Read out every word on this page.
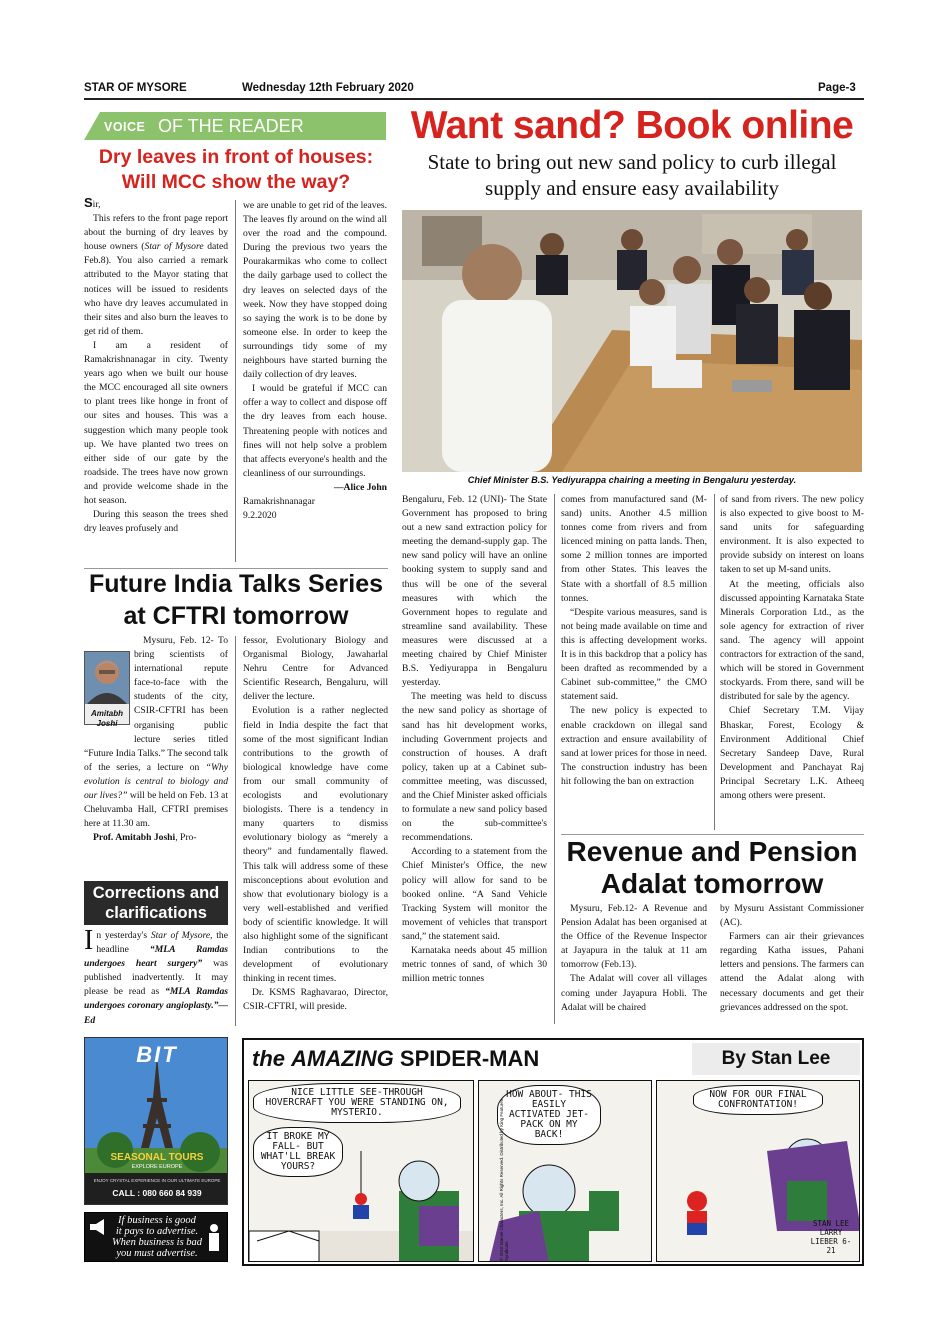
STAR OF MYSORE	Wednesday 12th February 2020	Page-3
VOICE OF THE READER
Dry leaves in front of houses:
Will MCC show the way?

Sir,

This refers to the front page report about the burning of dry leaves by house owners (Star of Mysore dated Feb.8). You also carried a remark attributed to the Mayor stating that notices will be issued to residents who have dry leaves accumulated in their sites and also burn the leaves to get rid of them.

I am a resident of Ramakrishnanagar in city. Twenty years ago when we built our house the MCC encouraged all site owners to plant trees like honge in front of our sites and houses. This was a suggestion which many people took up. We have planted two trees on either side of our gate by the roadside. The trees have now grown and provide welcome shade in the hot season.

During this season the trees shed dry leaves profusely and

we are unable to get rid of the leaves. The leaves fly around on the wind all over the road and the compound. During the previous two years the Pourakarmikas who come to collect the daily garbage used to collect the dry leaves on selected days of the week. Now they have stopped doing so saying the work is to be done by someone else. In order to keep the surroundings tidy some of my neighbours have started burning the daily collection of dry leaves.

I would be grateful if MCC can offer a way to collect and dispose off the dry leaves from each house. Threatening people with notices and fines will not help solve a problem that affects everyone's health and the cleanliness of our surroundings.

—Alice John

Ramakrishnanagar

9.2.2020

Want sand? Book online
State to bring out new sand policy to curb illegal
supply and ensure easy availability
Chief Minister B.S. Yediyurappa chairing a meeting in Bengaluru yesterday.

Bengaluru, Feb. 12 (UNI)- The State Government has proposed to bring out a new sand extraction policy for meeting the demand-supply gap. The new sand policy will have an online booking system to supply sand and thus will be one of the several measures with which the Government hopes to regulate and streamline sand availability. These measures were discussed at a meeting chaired by Chief Minister B.S. Yediyurappa in Bengaluru yesterday.

The meeting was held to discuss the new sand policy as shortage of sand has hit development works, including Government projects and construction of houses. A draft policy, taken up at a Cabinet sub-committee meeting, was discussed, and the Chief Minister asked officials to formulate a new sand policy based on the sub-committee's recommendations.

According to a statement from the Chief Minister's Office, the new policy will allow for sand to be booked online. “A Sand Vehicle Tracking System will monitor the movement of vehicles that transport sand,” the statement said.

Karnataka needs about 45 million metric tonnes of sand, of which 30 million metric tonnes

comes from manufactured sand (M-sand) units. Another 4.5 million tonnes come from rivers and from licenced mining on patta lands. Then, some 2 million tonnes are imported from other States. This leaves the State with a shortfall of 8.5 million tonnes.

“Despite various measures, sand is not being made available on time and this is affecting development works. It is in this backdrop that a policy has been drafted as recommended by a Cabinet sub-committee,” the CMO statement said.

The new policy is expected to enable crackdown on illegal sand extraction and ensure availability of sand at lower prices for those in need. The construction industry has been hit following the ban on extraction

of sand from rivers. The new policy is also expected to give boost to M-sand units for safeguarding environment. It is also expected to provide subsidy on interest on loans taken to set up M-sand units.

At the meeting, officials also discussed appointing Karnataka State Minerals Corporation Ltd., as the sole agency for extraction of river sand. The agency will appoint contractors for extraction of the sand, which will be stored in Government stockyards. From there, sand will be distributed for sale by the agency.

Chief Secretary T.M. Vijay Bhaskar, Forest, Ecology & Environment Additional Chief Secretary Sandeep Dave, Rural Development and Panchayat Raj Principal Secretary L.K. Atheeq among others were present.

Revenue and Pension
Adalat tomorrow

Mysuru, Feb.12- A Revenue and Pension Adalat has been organised at the Office of the Revenue Inspector at Jayapura in the taluk at 11 am tomorrow (Feb.13).

The Adalat will cover all villages coming under Jayapura Hobli. The Adalat will be chaired

by Mysuru Assistant Commissioner (AC).

Farmers can air their grievances regarding Katha issues, Pahani letters and pensions. The farmers can attend the Adalat along with necessary documents and get their grievances addressed on the spot.

Future India Talks Series
at CFTRI tomorrow
Amitabh
Joshi

Mysuru, Feb. 12- To bring scientists of international repute face-to-face with the students of the city, CSIR-CFTRI has been organising public lecture series titled “Future India Talks.” The second talk of the series, a lecture on “Why evolution is central to biology and our lives?” will be held on Feb. 13 at Cheluvamba Hall, CFTRI premises here at 11.30 am.

Prof. Amitabh Joshi, Pro-

fessor, Evolutionary Biology and Organismal Biology, Jawaharlal Nehru Centre for Advanced Scientific Research, Bengaluru, will deliver the lecture.

Evolution is a rather neglected field in India despite the fact that some of the most significant Indian contributions to the growth of biological knowledge have come from our small community of ecologists and evolutionary biologists. There is a tendency in many quarters to dismiss evolutionary biology as “merely a theory” and fundamentally flawed. This talk will address some of these misconceptions about evolution and show that evolutionary biology is a very well-established and verified body of scientific knowledge. It will also highlight some of the significant Indian contributions to the development of evolutionary thinking in recent times.

Dr. KSMS Raghavarao, Director, CSIR-CFTRI, will preside.

Corrections and
clarifications

In yesterday's Star of Mysore, the headline “MLA Ramdas undergoes heart surgery” was published inadvertently. It may please be read as “MLA Ramdas undergoes coronary angioplasty.”—Ed

BIT
SEASONAL TOURS
EXPLORE EUROPE
ENJOY CRYSTAL EXPERIENCE IN OUR ULTIMATE EUROPE
CALL : 080 660 84 939
If business is good
it pays to advertise.
When business is bad
you must advertise.
the AMAZING SPIDER-MAN	By Stan Lee
NICE LITTLE SEE-THROUGH HOVERCRAFT YOU WERE STANDING ON, MYSTERIO.
IT BROKE MY FALL- BUT WHAT'LL BREAK YOURS?
HOW ABOUT- THIS EASILY ACTIVATED JET-PACK ON MY BACK!
© 2018 Marvel Characters, Inc. All Rights Reserved. Distributed by King Features Syndicate
NOW FOR OUR FINAL CONFRONTATION!
STAN LEE LARRY LIEBER 6-21
